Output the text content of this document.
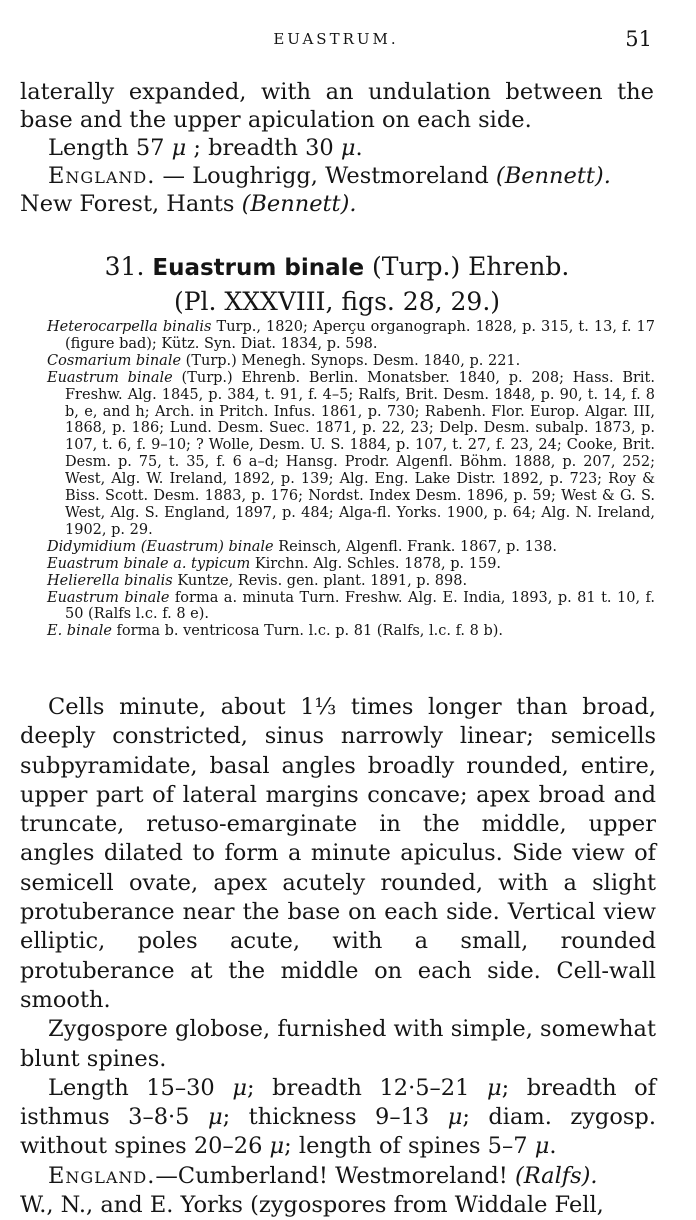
EUASTRUM.	51

laterally expanded, with an undulation between the base and the upper apiculation on each side.

Length 57 μ ; breadth 30 μ.

England. — Loughrigg, Westmoreland (Bennett).

New Forest, Hants (Bennett).

31. Euastrum binale (Turp.) Ehrenb.
(Pl. XXXVIII, figs. 28, 29.)

Heterocarpella binalis Turp., 1820; Aperçu organograph. 1828, p. 315, t. 13, f. 17 (figure bad); Kütz. Syn. Diat. 1834, p. 598.

Cosmarium binale (Turp.) Menegh. Synops. Desm. 1840, p. 221.

Euastrum binale (Turp.) Ehrenb. Berlin. Monatsber. 1840, p. 208; Hass. Brit. Freshw. Alg. 1845, p. 384, t. 91, f. 4–5; Ralfs, Brit. Desm. 1848, p. 90, t. 14, f. 8 b, e, and h; Arch. in Pritch. Infus. 1861, p. 730; Rabenh. Flor. Europ. Algar. III, 1868, p. 186; Lund. Desm. Suec. 1871, p. 22, 23; Delp. Desm. subalp. 1873, p. 107, t. 6, f. 9–10; ? Wolle, Desm. U. S. 1884, p. 107, t. 27, f. 23, 24; Cooke, Brit. Desm. p. 75, t. 35, f. 6 a–d; Hansg. Prodr. Algenfl. Böhm. 1888, p. 207, 252; West, Alg. W. Ireland, 1892, p. 139; Alg. Eng. Lake Distr. 1892, p. 723; Roy & Biss. Scott. Desm. 1883, p. 176; Nordst. Index Desm. 1896, p. 59; West & G. S. West, Alg. S. England, 1897, p. 484; Alga-fl. Yorks. 1900, p. 64; Alg. N. Ireland, 1902, p. 29.

Didymidium (Euastrum) binale Reinsch, Algenfl. Frank. 1867, p. 138.

Euastrum binale a. typicum Kirchn. Alg. Schles. 1878, p. 159.

Helierella binalis Kuntze, Revis. gen. plant. 1891, p. 898.

Euastrum binale forma a. minuta Turn. Freshw. Alg. E. India, 1893, p. 81 t. 10, f. 50 (Ralfs l.c. f. 8 e).

E. binale forma b. ventricosa Turn. l.c. p. 81 (Ralfs, l.c. f. 8 b).

Cells minute, about 1⅓ times longer than broad, deeply constricted, sinus narrowly linear; semicells subpyramidate, basal angles broadly rounded, entire, upper part of lateral margins concave; apex broad and truncate, retuso-emarginate in the middle, upper angles dilated to form a minute apiculus. Side view of semicell ovate, apex acutely rounded, with a slight protuberance near the base on each side. Vertical view elliptic, poles acute, with a small, rounded protuberance at the middle on each side. Cell-wall smooth.

Zygospore globose, furnished with simple, somewhat blunt spines.

Length 15–30 μ; breadth 12·5–21 μ; breadth of isthmus 3–8·5 μ; thickness 9–13 μ; diam. zygosp. without spines 20–26 μ; length of spines 5–7 μ.

England.—Cumberland! Westmoreland! (Ralfs).

W., N., and E. Yorks (zygospores from Widdale Fell,
